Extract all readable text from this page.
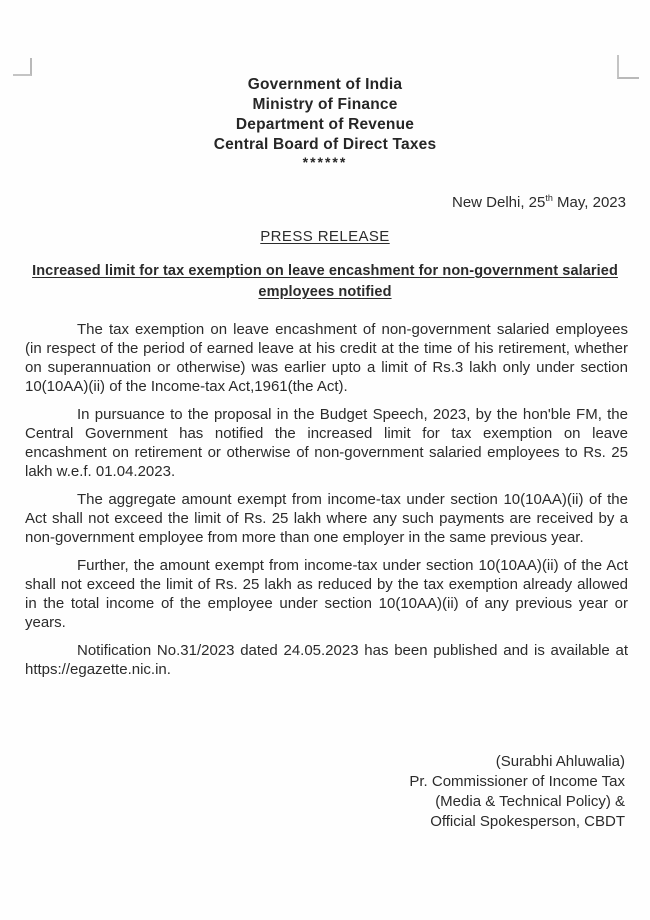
Government of India
Ministry of Finance
Department of Revenue
Central Board of Direct Taxes
******
New Delhi, 25th May, 2023
PRESS RELEASE
Increased limit for tax exemption on leave encashment for non-government salaried
employees notified

The tax exemption on leave encashment of non-government salaried employees (in respect of the period of earned leave at his credit at the time of his retirement, whether on superannuation or otherwise) was earlier upto a limit of Rs.3 lakh only under section 10(10AA)(ii) of the Income-tax Act,1961(the Act).

In pursuance to the proposal in the Budget Speech, 2023, by the hon'ble FM, the Central Government has notified the increased limit for tax exemption on leave encashment on retirement or otherwise of non-government salaried employees to Rs. 25 lakh w.e.f. 01.04.2023.

The aggregate amount exempt from income-tax under section 10(10AA)(ii) of the Act shall not exceed the limit of Rs. 25 lakh where any such payments are received by a non-government employee from more than one employer in the same previous year.

Further, the amount exempt from income-tax under section 10(10AA)(ii) of the Act shall not exceed the limit of Rs. 25 lakh as reduced by the tax exemption already allowed in the total income of the employee under section 10(10AA)(ii) of any previous year or years.

Notification No.31/2023 dated 24.05.2023 has been published and is available at https://egazette.nic.in.

(Surabhi Ahluwalia)
Pr. Commissioner of Income Tax
(Media & Technical Policy) &
Official Spokesperson, CBDT
